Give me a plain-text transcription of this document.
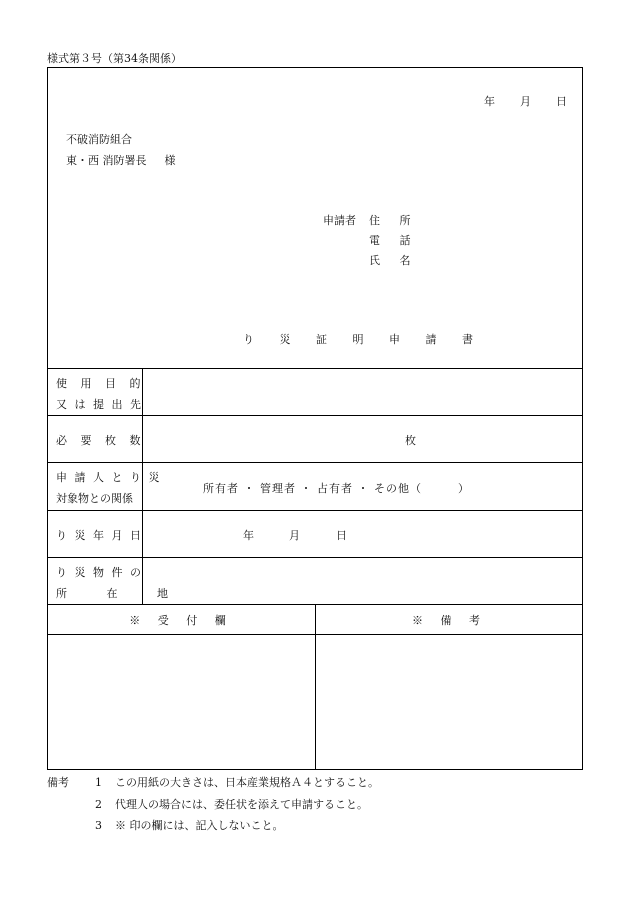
様式第３号（第34条関係）
年 月 日
不破消防組合
東・西 消防署長 様
申請者 住 所
電 話
氏 名
り 災 証 明 申 請 書
使 用 目 的
又 は 提 出 先
必 要 枚 数	枚
申 請 人 と り 災
対象物との関係
所有者 ・ 管理者 ・ 占有者 ・ その他（　　　）
り 災 年 月 日	年	月	日
り 災 物 件 の
所 在 地
※ 受 付 欄	※ 備 考
備考 1 この用紙の大きさは、日本産業規格Ａ４とすること。
2 代理人の場合には、委任状を添えて申請すること。
3 ※ 印の欄には、記入しないこと。
